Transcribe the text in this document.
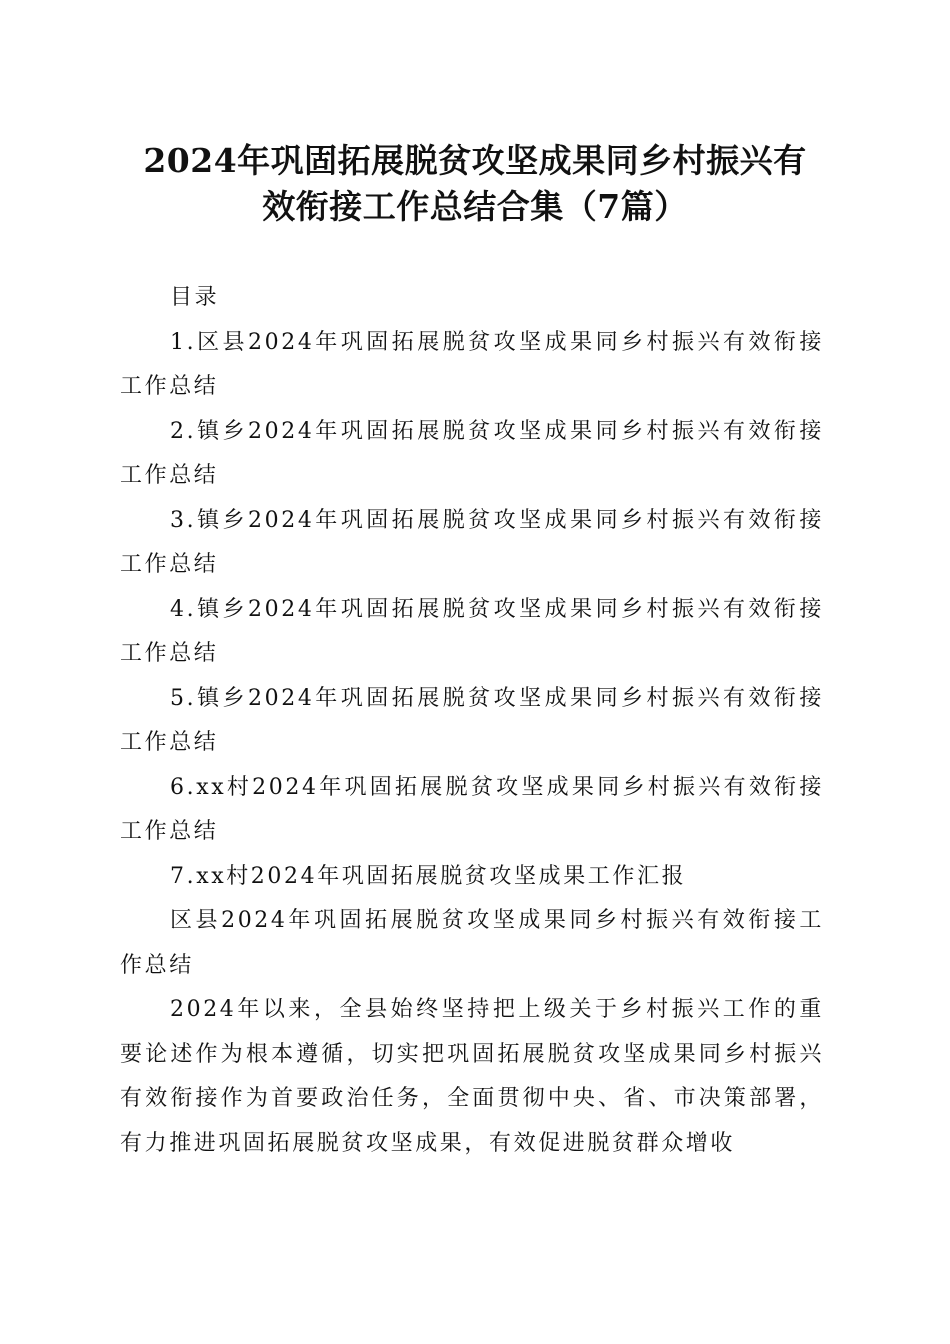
2024年巩固拓展脱贫攻坚成果同乡村振兴有
效衔接工作总结合集（7篇）

目录

1.区县2024年巩固拓展脱贫攻坚成果同乡村振兴有效衔接工作总结

2.镇乡2024年巩固拓展脱贫攻坚成果同乡村振兴有效衔接工作总结

3.镇乡2024年巩固拓展脱贫攻坚成果同乡村振兴有效衔接工作总结

4.镇乡2024年巩固拓展脱贫攻坚成果同乡村振兴有效衔接工作总结

5.镇乡2024年巩固拓展脱贫攻坚成果同乡村振兴有效衔接工作总结

6.xx村2024年巩固拓展脱贫攻坚成果同乡村振兴有效衔接工作总结

7.xx村2024年巩固拓展脱贫攻坚成果工作汇报

区县2024年巩固拓展脱贫攻坚成果同乡村振兴有效衔接工作总结

2024年以来，全县始终坚持把上级关于乡村振兴工作的重要论述作为根本遵循，切实把巩固拓展脱贫攻坚成果同乡村振兴有效衔接作为首要政治任务，全面贯彻中央、省、市决策部署，有力推进巩固拓展脱贫攻坚成果，有效促进脱贫群众增收
